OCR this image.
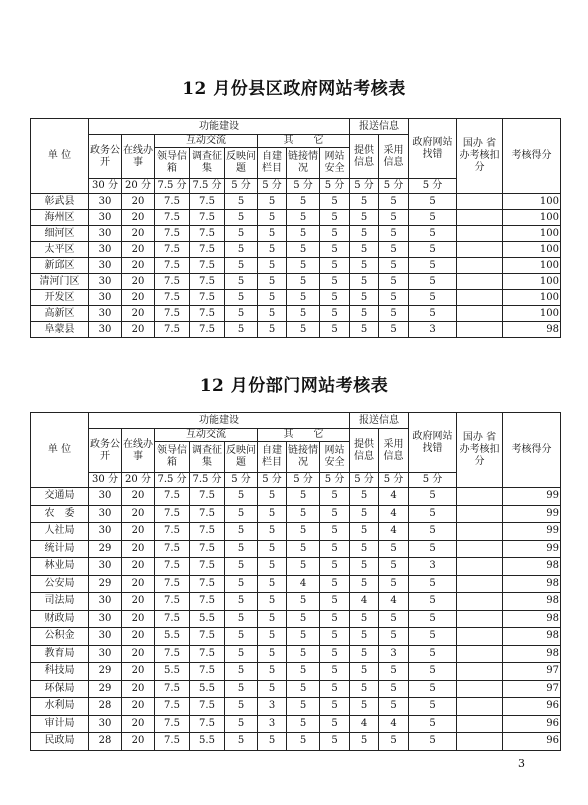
12 月份县区政府网站考核表
单 位	功能建设								报送信息		政府网站找错	国办 省办考核扣分	考核得分
	政务公开	在线办事	互动交流			其　　它			提供信息	采用信息			
			领导信箱	调查征集	反映问题	自建栏目	链接情况	网站安全					
	30 分	20 分	7.5 分	7.5 分	5 分	5 分	5 分	5 分	5 分	5 分	5 分		
彰武县	30	20	7.5	7.5	5	5	5	5	5	5	5		100
海州区	30	20	7.5	7.5	5	5	5	5	5	5	5		100
细河区	30	20	7.5	7.5	5	5	5	5	5	5	5		100
太平区	30	20	7.5	7.5	5	5	5	5	5	5	5		100
新邱区	30	20	7.5	7.5	5	5	5	5	5	5	5		100
清河门区	30	20	7.5	7.5	5	5	5	5	5	5	5		100
开发区	30	20	7.5	7.5	5	5	5	5	5	5	5		100
高新区	30	20	7.5	7.5	5	5	5	5	5	5	5		100
阜蒙县	30	20	7.5	7.5	5	5	5	5	5	5	3		98
12 月份部门网站考核表
单 位	功能建设								报送信息		政府网站找错	国办 省办考核扣分	考核得分
	政务公开	在线办事	互动交流			其　　它			提供信息	采用信息			
			领导信箱	调查征集	反映问题	自建栏目	链接情况	网站安全					
	30 分	20 分	7.5 分	7.5 分	5 分	5 分	5 分	5 分	5 分	5 分	5 分		
交通局	30	20	7.5	7.5	5	5	5	5	5	4	5		99
农　委	30	20	7.5	7.5	5	5	5	5	5	4	5		99
人社局	30	20	7.5	7.5	5	5	5	5	5	4	5		99
统计局	29	20	7.5	7.5	5	5	5	5	5	5	5		99
林业局	30	20	7.5	7.5	5	5	5	5	5	5	3		98
公安局	29	20	7.5	7.5	5	5	4	5	5	5	5		98
司法局	30	20	7.5	7.5	5	5	5	5	4	4	5		98
财政局	30	20	7.5	5.5	5	5	5	5	5	5	5		98
公积金	30	20	5.5	7.5	5	5	5	5	5	5	5		98
教育局	30	20	7.5	7.5	5	5	5	5	5	3	5		98
科技局	29	20	5.5	7.5	5	5	5	5	5	5	5		97
环保局	29	20	7.5	5.5	5	5	5	5	5	5	5		97
水利局	28	20	7.5	7.5	5	3	5	5	5	5	5		96
审计局	30	20	7.5	7.5	5	3	5	5	4	4	5		96
民政局	28	20	7.5	5.5	5	5	5	5	5	5	5		96
3
